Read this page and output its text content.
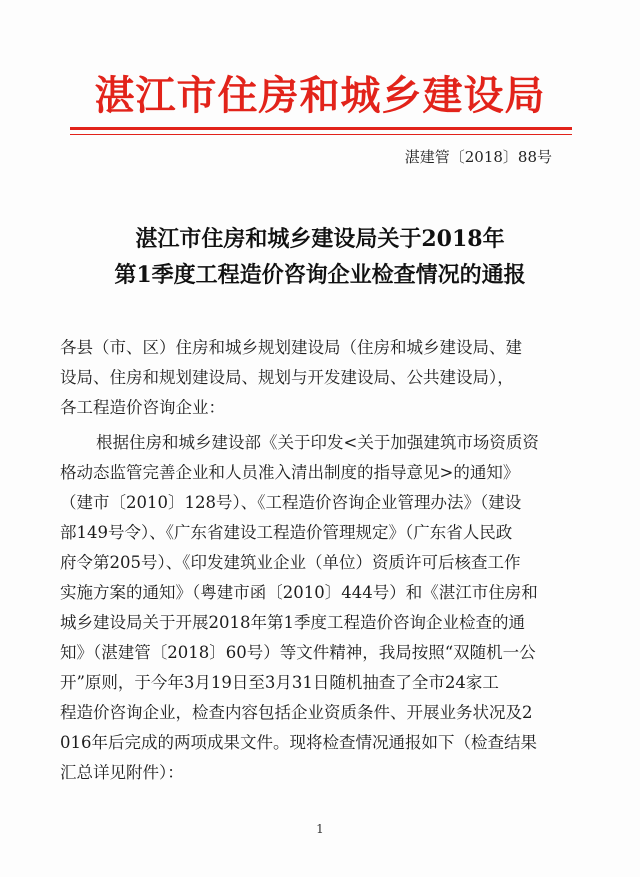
湛江市住房和城乡建设局
湛建管〔2018〕88号
湛江市住房和城乡建设局关于2018年
第1季度工程造价咨询企业检查情况的通报
各县（市、区）住房和城乡规划建设局（住房和城乡建设局、建
设局、住房和规划建设局、规划与开发建设局、公共建设局），
各工程造价咨询企业：
根据住房和城乡建设部《关于印发<关于加强建筑市场资质资
格动态监管完善企业和人员准入清出制度的指导意见>的通知》
（建市〔2010〕128号）、《工程造价咨询企业管理办法》（建设
部149号令）、《广东省建设工程造价管理规定》（广东省人民政
府令第205号）、《印发建筑业企业（单位）资质许可后核查工作
实施方案的通知》（粤建市函〔2010〕444号）和《湛江市住房和
城乡建设局关于开展2018年第1季度工程造价咨询企业检查的通
知》（湛建管〔2018〕60号）等文件精神，我局按照“双随机一公
开”原则，于今年3月19日至3月31日随机抽查了全市24家工
程造价咨询企业，检查内容包括企业资质条件、开展业务状况及2
016年后完成的两项成果文件。现将检查情况通报如下（检查结果
汇总详见附件）：
1
